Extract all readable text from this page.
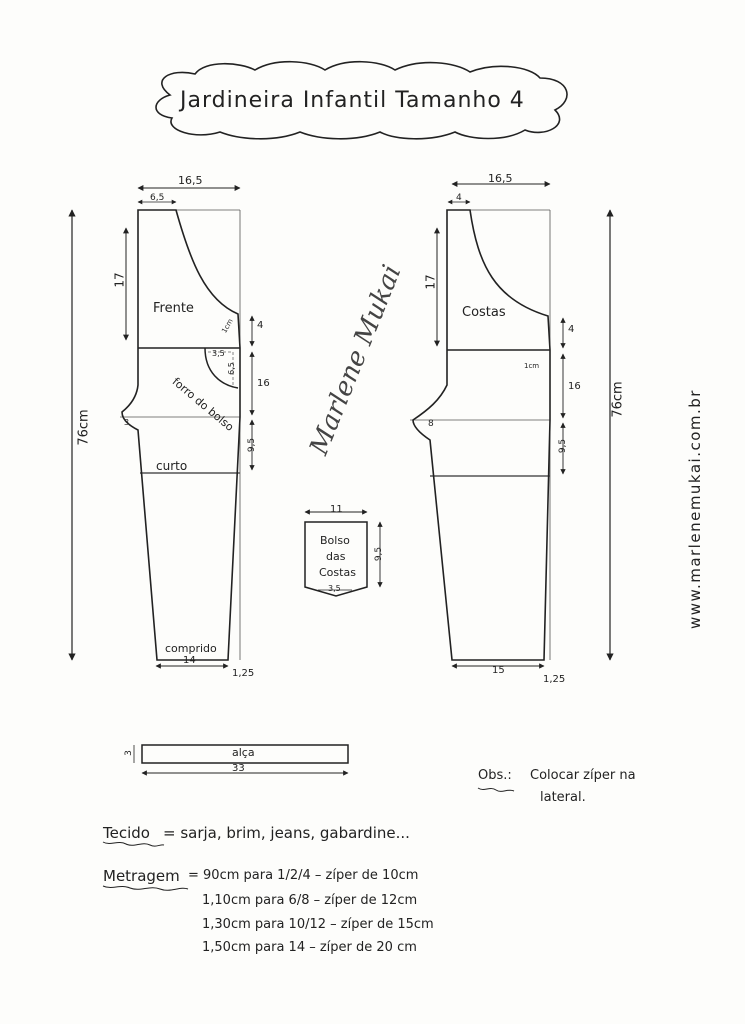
Jardineira Infantil Tamanho 4
16,5
6,5
17
76cm
Frente
1cm 4
3,5
6,5
16
forro do bolso
3
9,5
curto
comprido
14
1,25
16,5
4
17
Costas
4
1cm
16
8
9,5
76cm
15
1,25
11
Bolso
das
Costas
9,5
3,5
alça
3
33
Marlene Mukai
www.marlenemukai.com.br
Obs.: Colocar zíper na
lateral.
Tecido = sarja, brim, jeans, gabardine...
Metragem = 90cm para 1/2/4 – zíper de 10cm
1,10cm para 6/8 – zíper de 12cm
1,30cm para 10/12 – zíper de 15cm
1,50cm para 14 – zíper de 20 cm
